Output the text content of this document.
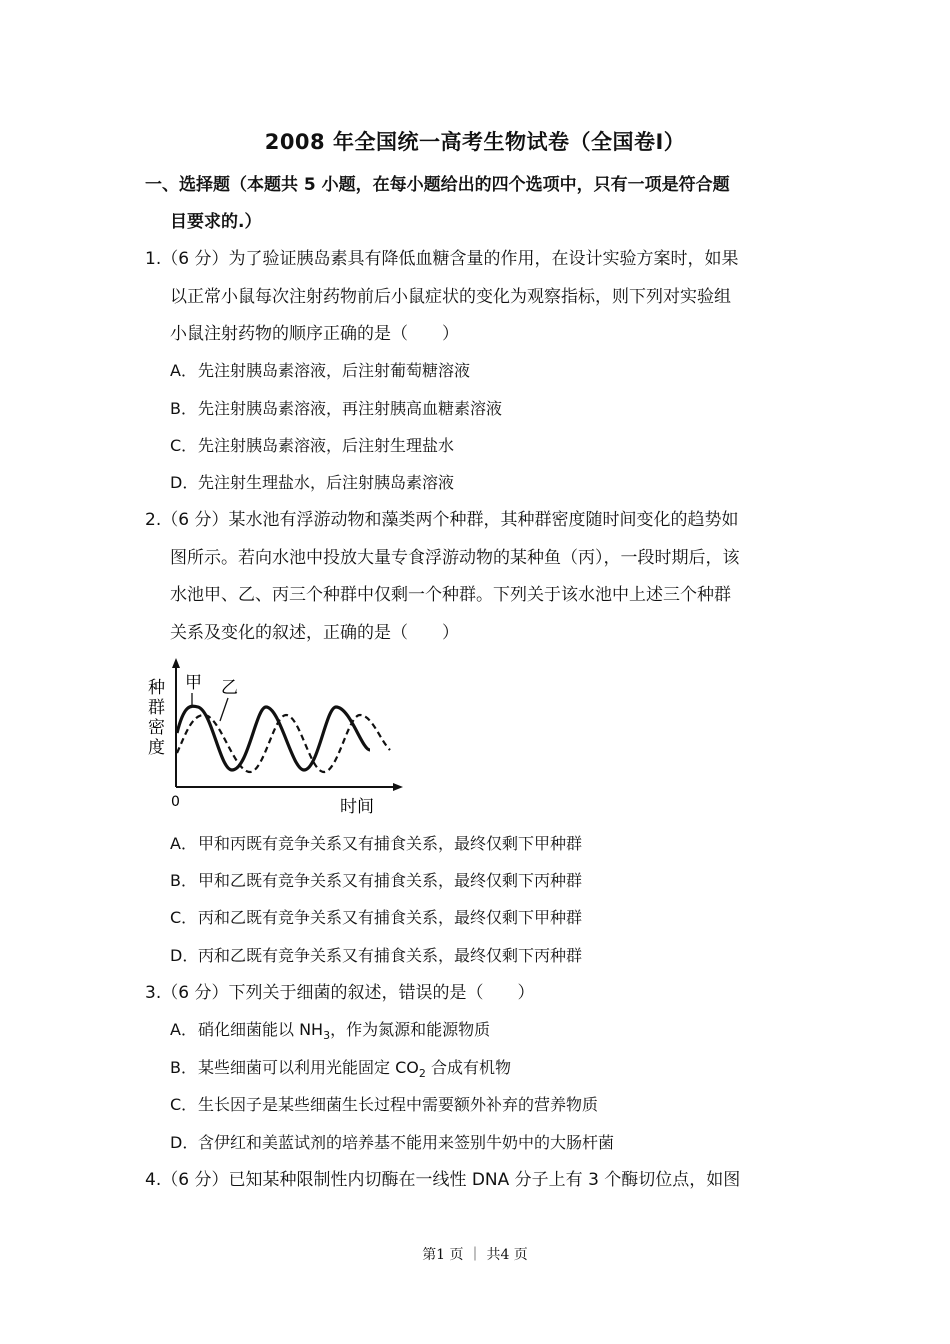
2008 年全国统一高考生物试卷（全国卷Ⅰ）
一、选择题（本题共 5 小题，在每小题给出的四个选项中，只有一项是符合题
目要求的.）
1.（6 分）为了验证胰岛素具有降低血糖含量的作用，在设计实验方案时，如果
以正常小鼠每次注射药物前后小鼠症状的变化为观察指标，则下列对实验组
小鼠注射药物的顺序正确的是（　　）
A．先注射胰岛素溶液，后注射葡萄糖溶液
B．先注射胰岛素溶液，再注射胰高血糖素溶液
C．先注射胰岛素溶液，后注射生理盐水
D．先注射生理盐水，后注射胰岛素溶液
2.（6 分）某水池有浮游动物和藻类两个种群，其种群密度随时间变化的趋势如
图所示。若向水池中投放大量专食浮游动物的某种鱼（丙），一段时期后，该
水池甲、乙、丙三个种群中仅剩一个种群。下列关于该水池中上述三个种群
关系及变化的叙述，正确的是（　　）
种
群
密
度
0	时间
甲 乙
A．甲和丙既有竞争关系又有捕食关系，最终仅剩下甲种群
B．甲和乙既有竞争关系又有捕食关系，最终仅剩下丙种群
C．丙和乙既有竞争关系又有捕食关系，最终仅剩下甲种群
D．丙和乙既有竞争关系又有捕食关系，最终仅剩下丙种群
3.（6 分）下列关于细菌的叙述，错误的是（　　）
A．硝化细菌能以 $NH_3$，作为氮源和能源物质
B．某些细菌可以利用光能固定 $CO_2$ 合成有机物
C．生长因子是某些细菌生长过程中需要额外补弃的营养物质
D．含伊红和美蓝试剂的培养基不能用来签别牛奶中的大肠杆菌
4.（6 分）已知某种限制性内切酶在一线性 DNA 分子上有 3 个酶切位点，如图
第1 页 ｜ 共4 页
